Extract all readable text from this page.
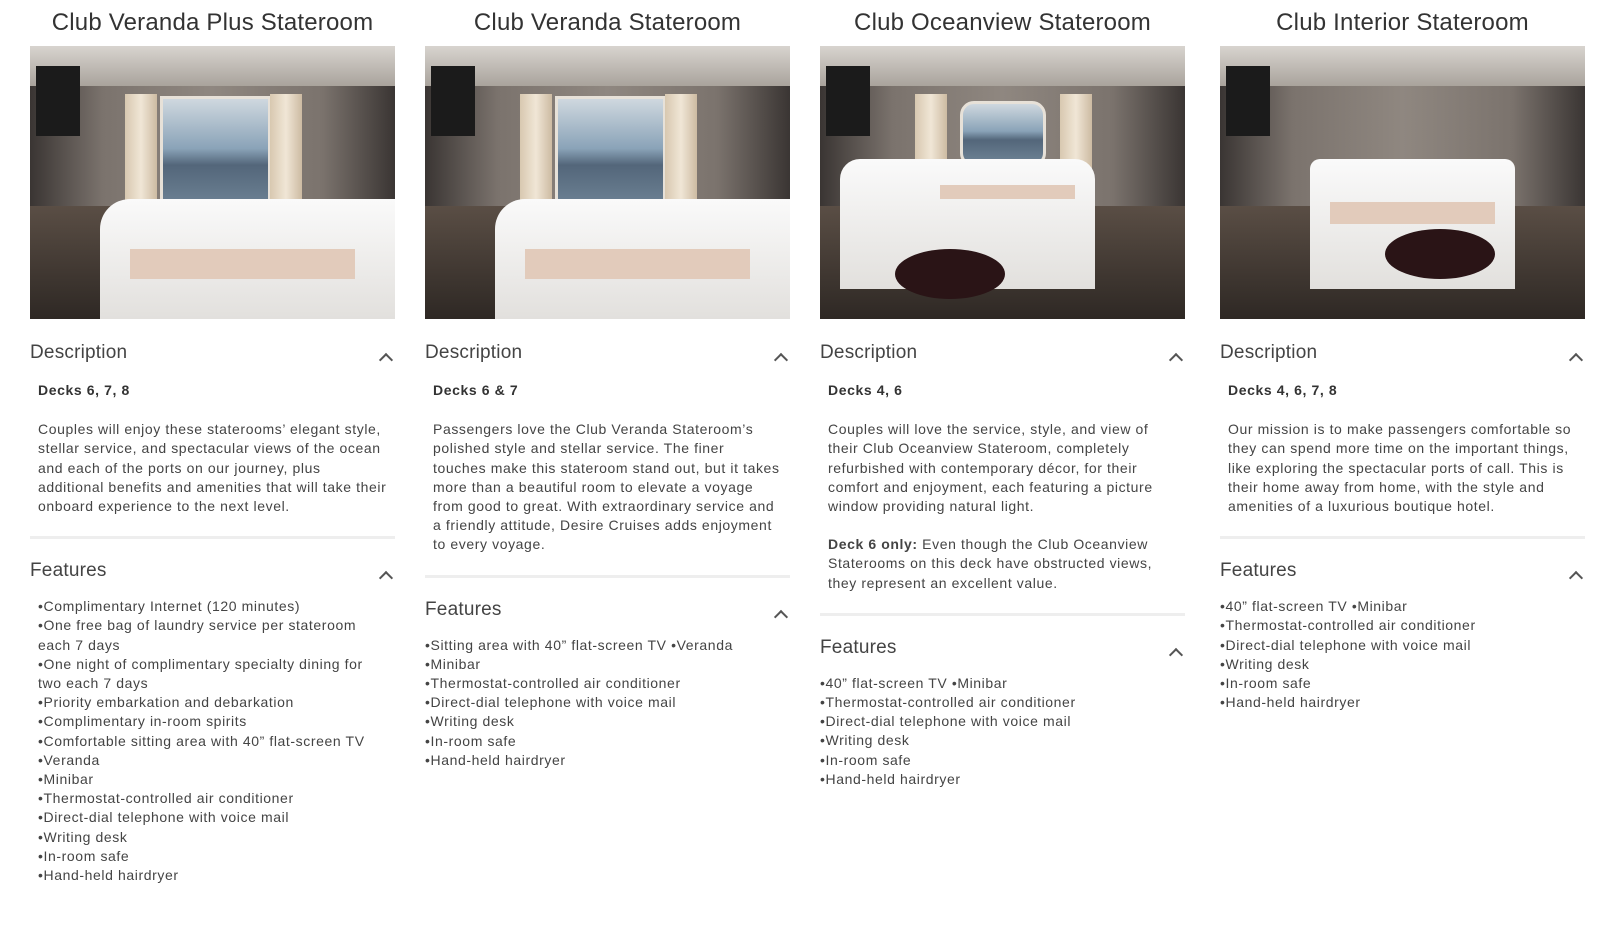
Club Veranda Plus Stateroom
Description
Decks 6, 7, 8

Couples will enjoy these staterooms’ elegant style, stellar service, and spectacular views of the ocean and each of the ports on our journey, plus additional benefits and amenities that will take their onboard experience to the next level.

Features
• Complimentary Internet (120 minutes)
• One free bag of laundry service per stateroom each 7 days
• One night of complimentary specialty dining for two each 7 days
• Priority embarkation and debarkation
• Complimentary in-room spirits
• Comfortable sitting area with 40” flat-screen TV
• Veranda
• Minibar
• Thermostat-controlled air conditioner
• Direct-dial telephone with voice mail
• Writing desk
• In-room safe
• Hand-held hairdryer
Club Veranda Stateroom
Description
Decks 6 & 7

Passengers love the Club Veranda Stateroom’s polished style and stellar service. The finer touches make this stateroom stand out, but it takes more than a beautiful room to elevate a voyage from good to great. With extraordinary service and a friendly attitude, Desire Cruises adds enjoyment to every voyage.

Features
• Sitting area with 40” flat-screen TV •Veranda
• Minibar
• Thermostat-controlled air conditioner
• Direct-dial telephone with voice mail
• Writing desk
• In-room safe
• Hand-held hairdryer
Club Oceanview Stateroom
Description
Decks 4, 6

Couples will love the service, style, and view of their Club Oceanview Stateroom, completely refurbished with contemporary décor, for their comfort and enjoyment, each featuring a picture window providing natural light.

Deck 6 only: Even though the Club Oceanview Staterooms on this deck have obstructed views, they represent an excellent value.

Features
• 40” flat-screen TV •Minibar
• Thermostat-controlled air conditioner
• Direct-dial telephone with voice mail
• Writing desk
• In-room safe
• Hand-held hairdryer
Club Interior Stateroom
Description
Decks 4, 6, 7, 8

Our mission is to make passengers comfortable so they can spend more time on the important things, like exploring the spectacular ports of call. This is their home away from home, with the style and amenities of a luxurious boutique hotel.

Features
• 40” flat-screen TV •Minibar
• Thermostat-controlled air conditioner
• Direct-dial telephone with voice mail
• Writing desk
• In-room safe
• Hand-held hairdryer
